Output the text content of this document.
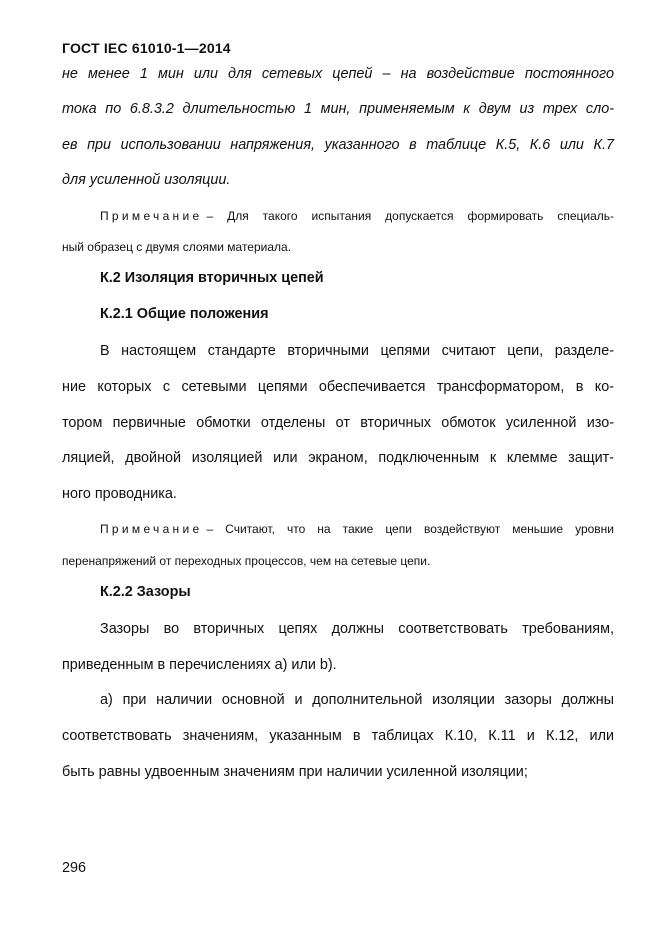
ГОСТ IEC 61010-1—2014
не менее 1 мин или для сетевых цепей – на воздействие постоянного
тока по 6.8.3.2 длительностью 1 мин, применяемым к двум из трех сло-
ев при использовании напряжения, указанного в таблице К.5, К.6 или К.7
для усиленной изоляции.
Примечание – Для такого испытания допускается формировать специаль-
ный образец с двумя слоями материала.
К.2 Изоляция вторичных цепей
К.2.1 Общие положения
В настоящем стандарте вторичными цепями считают цепи, разделе-
ние которых с сетевыми цепями обеспечивается трансформатором, в ко-
тором первичные обмотки отделены от вторичных обмоток усиленной изо-
ляцией, двойной изоляцией или экраном, подключенным к клемме защит-
ного проводника.
Примечание – Считают, что на такие цепи воздействуют меньшие уровни
перенапряжений от переходных процессов, чем на сетевые цепи.
К.2.2 Зазоры
Зазоры во вторичных цепях должны соответствовать требованиям,
приведенным в перечислениях a) или b).
a) при наличии основной и дополнительной изоляции зазоры должны
соответствовать значениям, указанным в таблицах К.10, К.11 и К.12, или
быть равны удвоенным значениям при наличии усиленной изоляции;
296
